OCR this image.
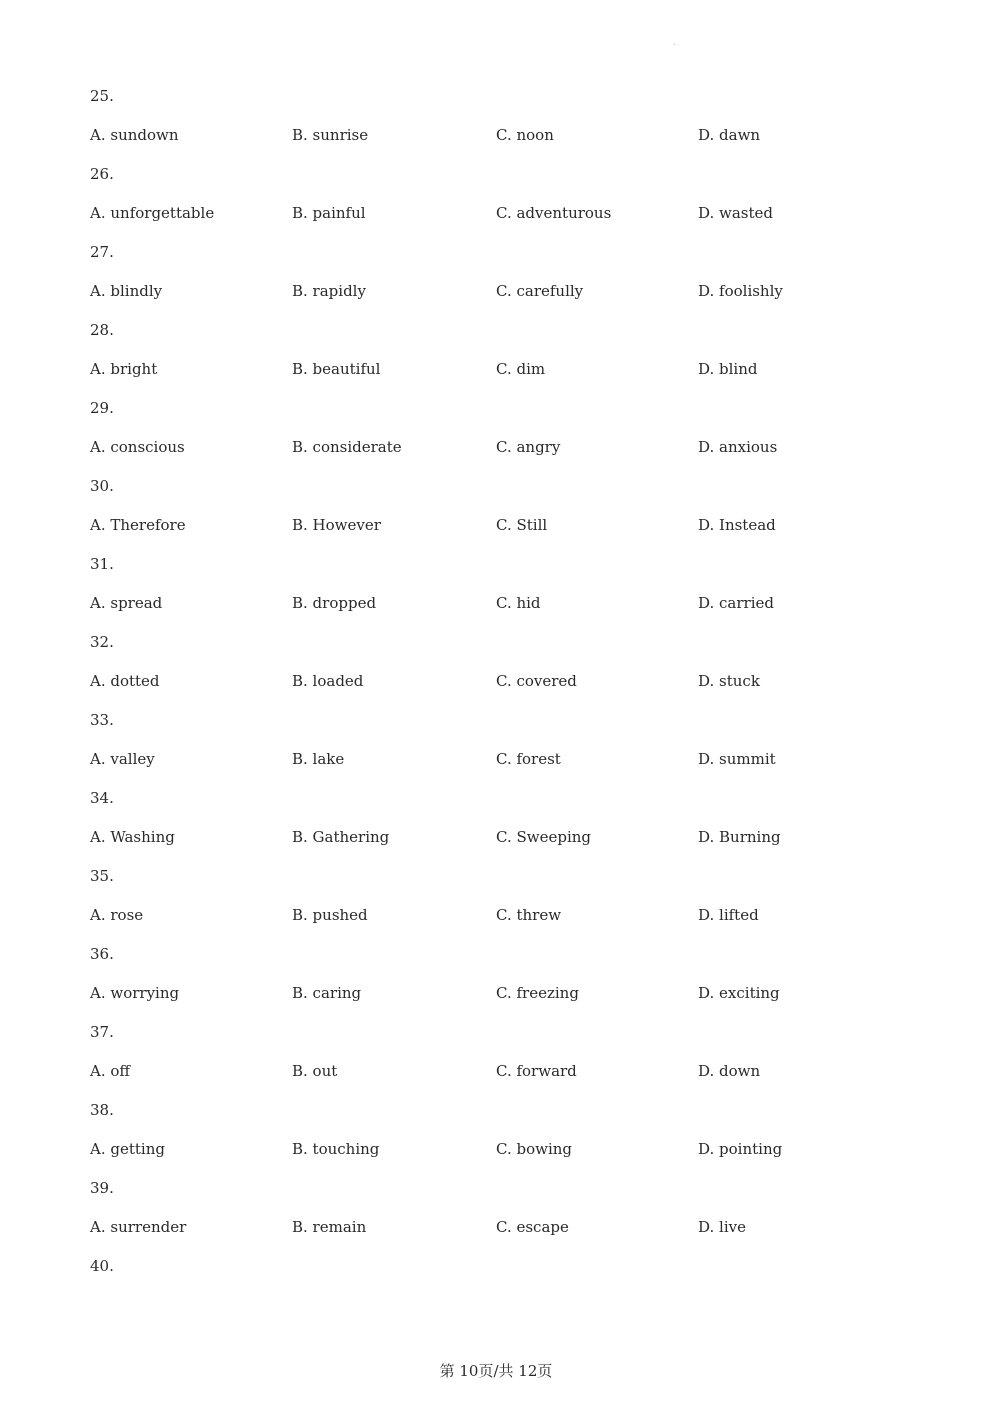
25.
A. sundown	B. sunrise	C. noon	D. dawn
26.
A. unforgettable	B. painful	C. adventurous	D. wasted
27.
A. blindly	B. rapidly	C. carefully	D. foolishly
28.
A. bright	B. beautiful	C. dim	D. blind
29.
A. conscious	B. considerate	C. angry	D. anxious
30.
A. Therefore	B. However	C. Still	D. Instead
31.
A. spread	B. dropped	C. hid	D. carried
32.
A. dotted	B. loaded	C. covered	D. stuck
33.
A. valley	B. lake	C. forest	D. summit
34.
A. Washing	B. Gathering	C. Sweeping	D. Burning
35.
A. rose	B. pushed	C. threw	D. lifted
36.
A. worrying	B. caring	C. freezing	D. exciting
37.
A. off	B. out	C. forward	D. down
38.
A. getting	B. touching	C. bowing	D. pointing
39.
A. surrender	B. remain	C. escape	D. live
40.
第 10页/共 12页
